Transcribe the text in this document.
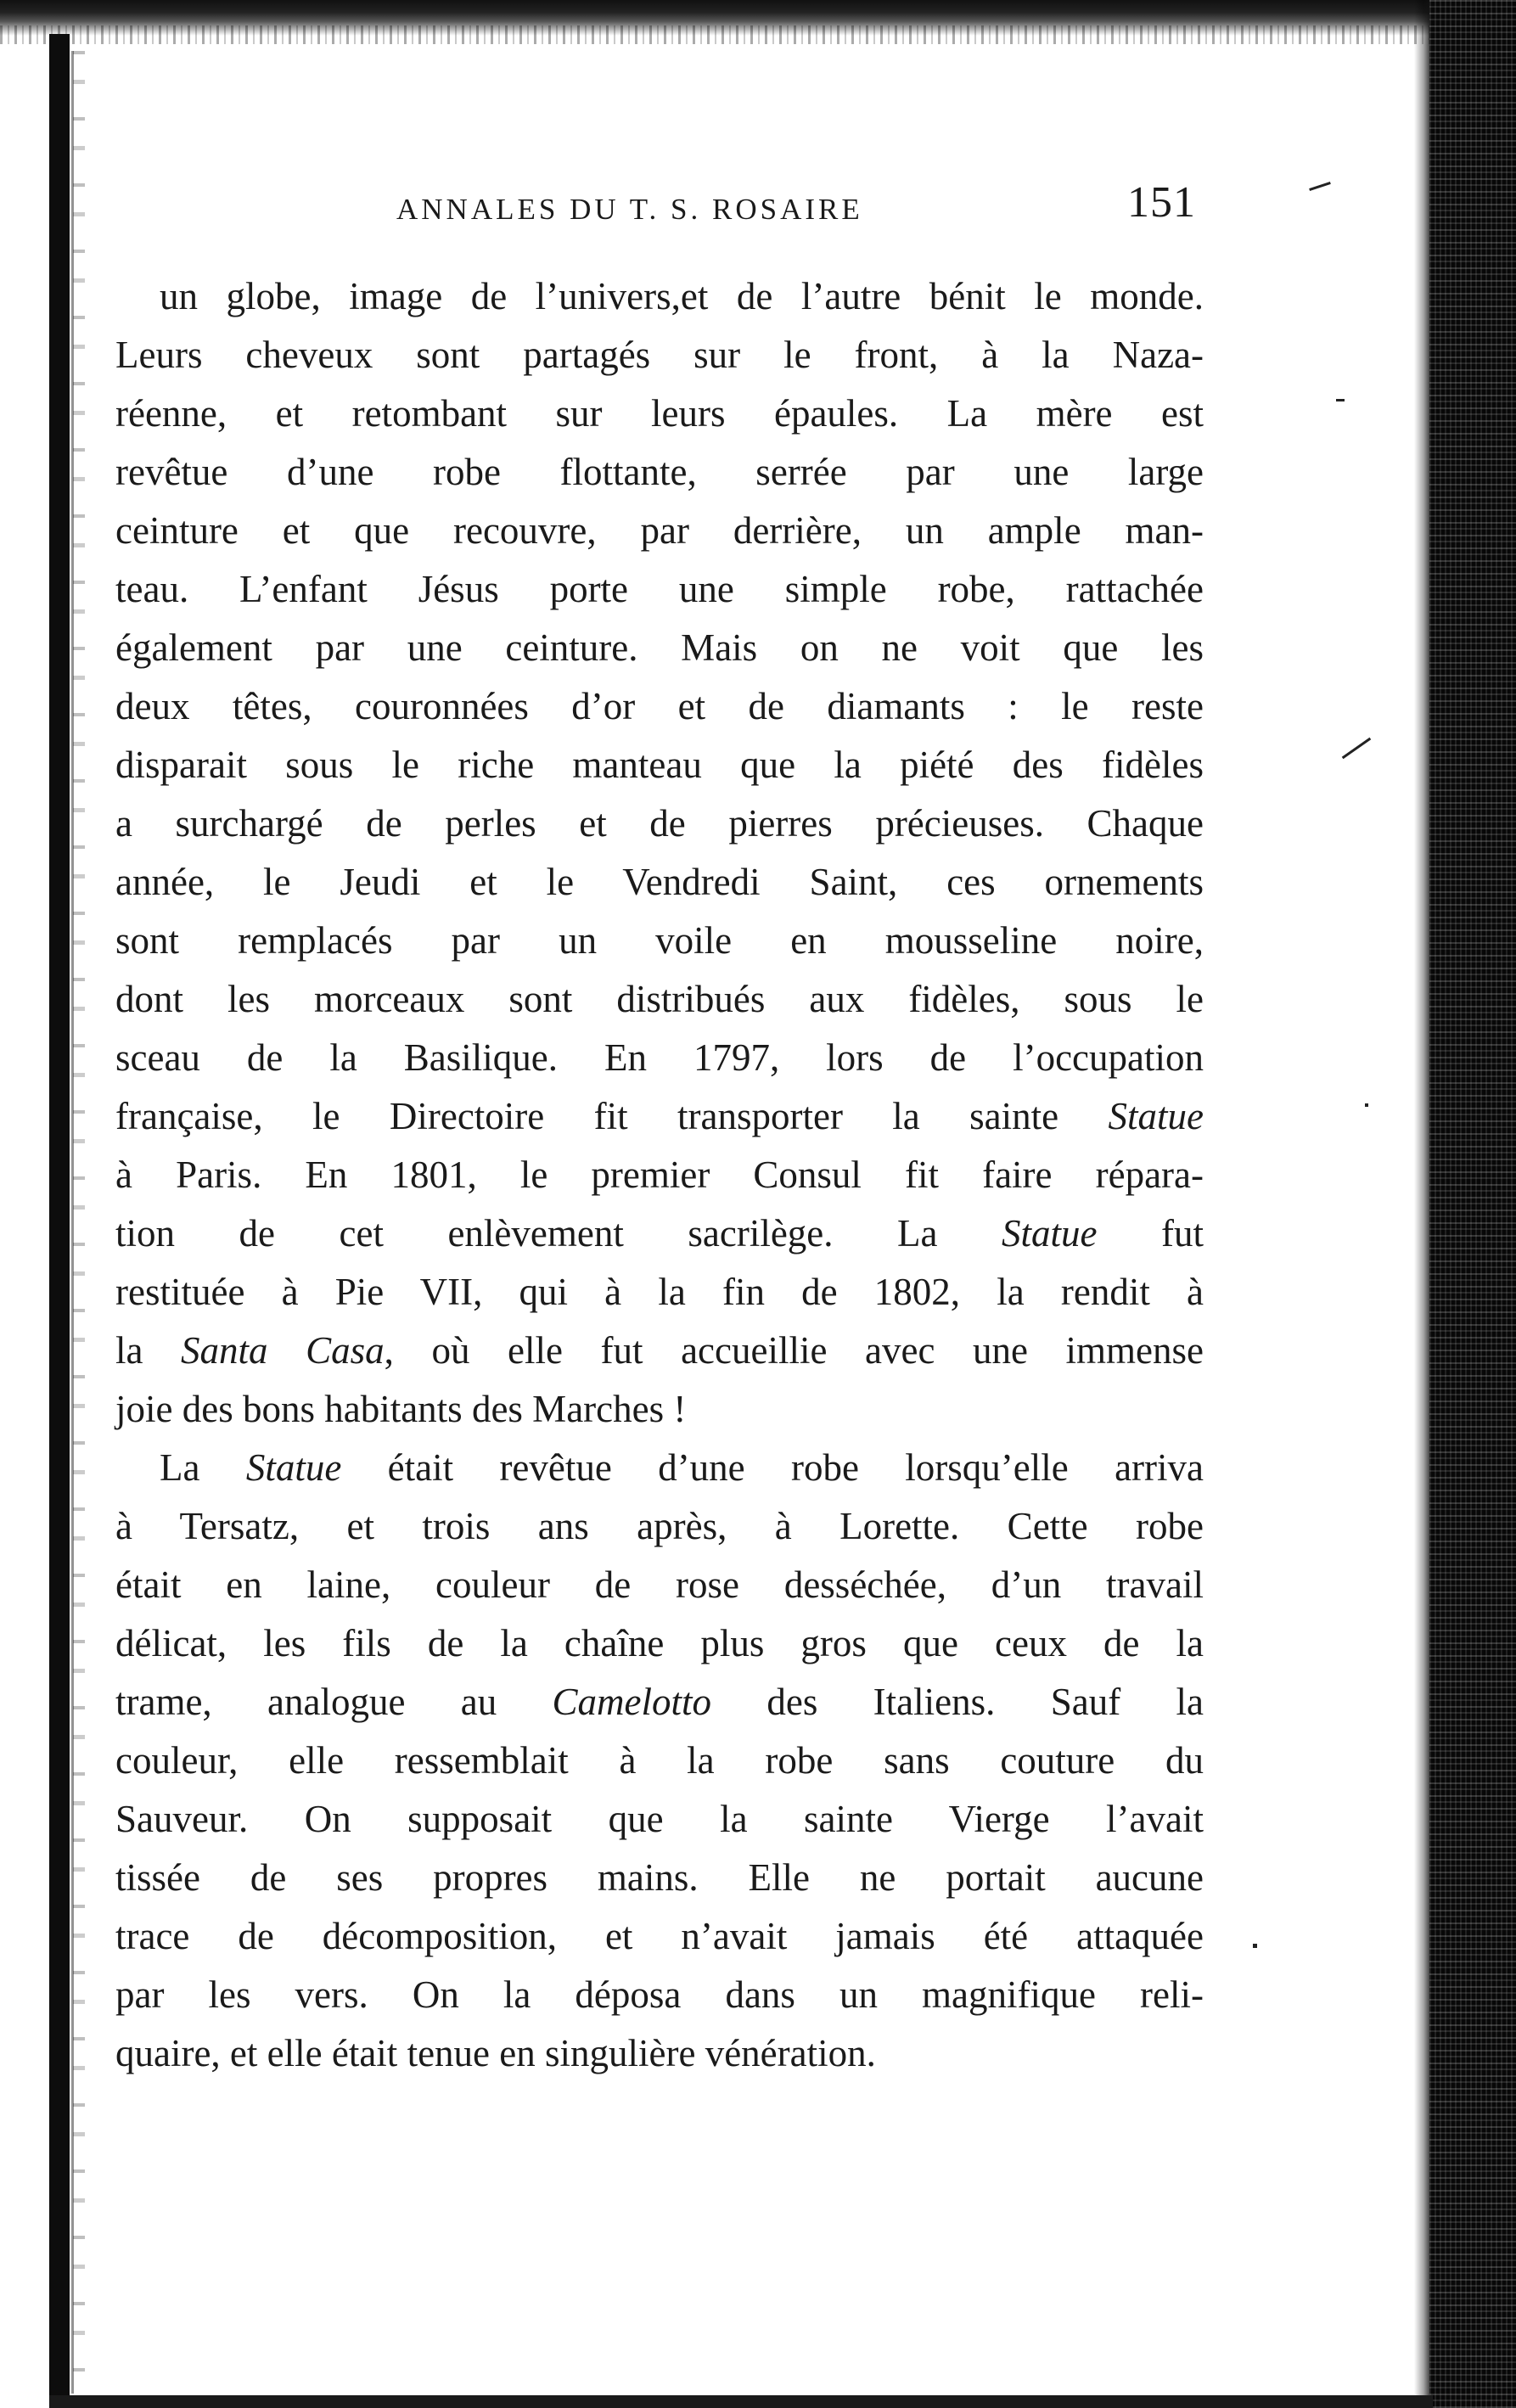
ANNALES DU T. S. ROSAIRE	151
un globe, image de l’univers,et de l’autre bénit le monde.
Leurs cheveux sont partagés sur le front, à la Naza-
réenne, et retombant sur leurs épaules. La mère est
revêtue d’une robe flottante, serrée par une large
ceinture et que recouvre, par derrière, un ample man-
teau. L’enfant Jésus porte une simple robe, rattachée
également par une ceinture. Mais on ne voit que les
deux têtes, couronnées d’or et de diamants : le reste
disparait sous le riche manteau que la piété des fidèles
a surchargé de perles et de pierres précieuses. Chaque
année, le Jeudi et le Vendredi Saint, ces ornements
sont remplacés par un voile en mousseline noire,
dont les morceaux sont distribués aux fidèles, sous le
sceau de la Basilique. En 1797, lors de l’occupation
française, le Directoire fit transporter la sainte Statue
à Paris. En 1801, le premier Consul fit faire répara-
tion de cet enlèvement sacrilège. La Statue fut
restituée à Pie VII, qui à la fin de 1802, la rendit à
la Santa Casa, où elle fut accueillie avec une immense
joie des bons habitants des Marches !
La Statue était revêtue d’une robe lorsqu’elle arriva
à Tersatz, et trois ans après, à Lorette. Cette robe
était en laine, couleur de rose desséchée, d’un travail
délicat, les fils de la chaîne plus gros que ceux de la
trame, analogue au Camelotto des Italiens. Sauf la
couleur, elle ressemblait à la robe sans couture du
Sauveur. On supposait que la sainte Vierge l’avait
tissée de ses propres mains. Elle ne portait aucune
trace de décomposition, et n’avait jamais été attaquée
par les vers. On la déposa dans un magnifique reli-
quaire, et elle était tenue en singulière vénération.
